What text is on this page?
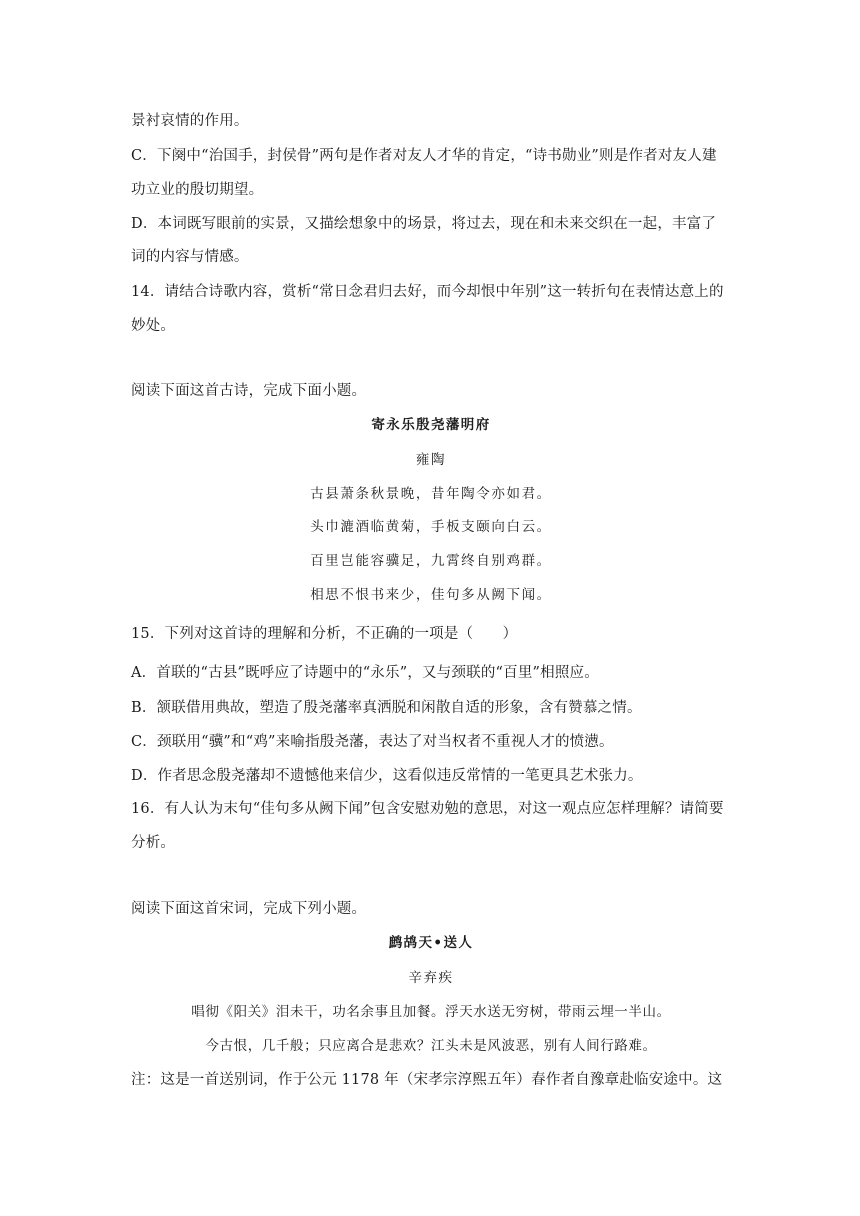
景衬哀情的作用。
C．下阕中“治国手，封侯骨”两句是作者对友人才华的肯定，“诗书勋业”则是作者对友人建
功立业的殷切期望。
D．本词既写眼前的实景，又描绘想象中的场景，将过去，现在和未来交织在一起，丰富了
词的内容与情感。
14．请结合诗歌内容，赏析“常日念君归去好，而今却恨中年别”这一转折句在表情达意上的
妙处。
阅读下面这首古诗，完成下面小题。
寄永乐殷尧藩明府
雍陶
古县萧条秋景晚，昔年陶令亦如君。
头巾漉酒临黄菊，手板支颐向白云。
百里岂能容骥足，九霄终自别鸡群。
相思不恨书来少，佳句多从阙下闻。
15．下列对这首诗的理解和分析，不正确的一项是（　　）
A．首联的“古县”既呼应了诗题中的“永乐”，又与颈联的“百里”相照应。
B．颔联借用典故，塑造了殷尧藩率真洒脱和闲散自适的形象，含有赞慕之情。
C．颈联用“骥”和“鸡”来喻指殷尧藩，表达了对当权者不重视人才的愤懑。
D．作者思念殷尧藩却不遗憾他来信少，这看似违反常情的一笔更具艺术张力。
16．有人认为末句“佳句多从阙下闻”包含安慰劝勉的意思，对这一观点应怎样理解？请简要
分析。
阅读下面这首宋词，完成下列小题。
鹧鸪天•送人
辛弃疾
唱彻《阳关》泪未干，功名余事且加餐。浮天水送无穷树，带雨云埋一半山。
今古恨，几千般；只应离合是悲欢？江头未是风波恶，别有人间行路难。
注：这是一首送别词，作于公元 1178 年（宋孝宗淳熙五年）春作者自豫章赴临安途中。这
